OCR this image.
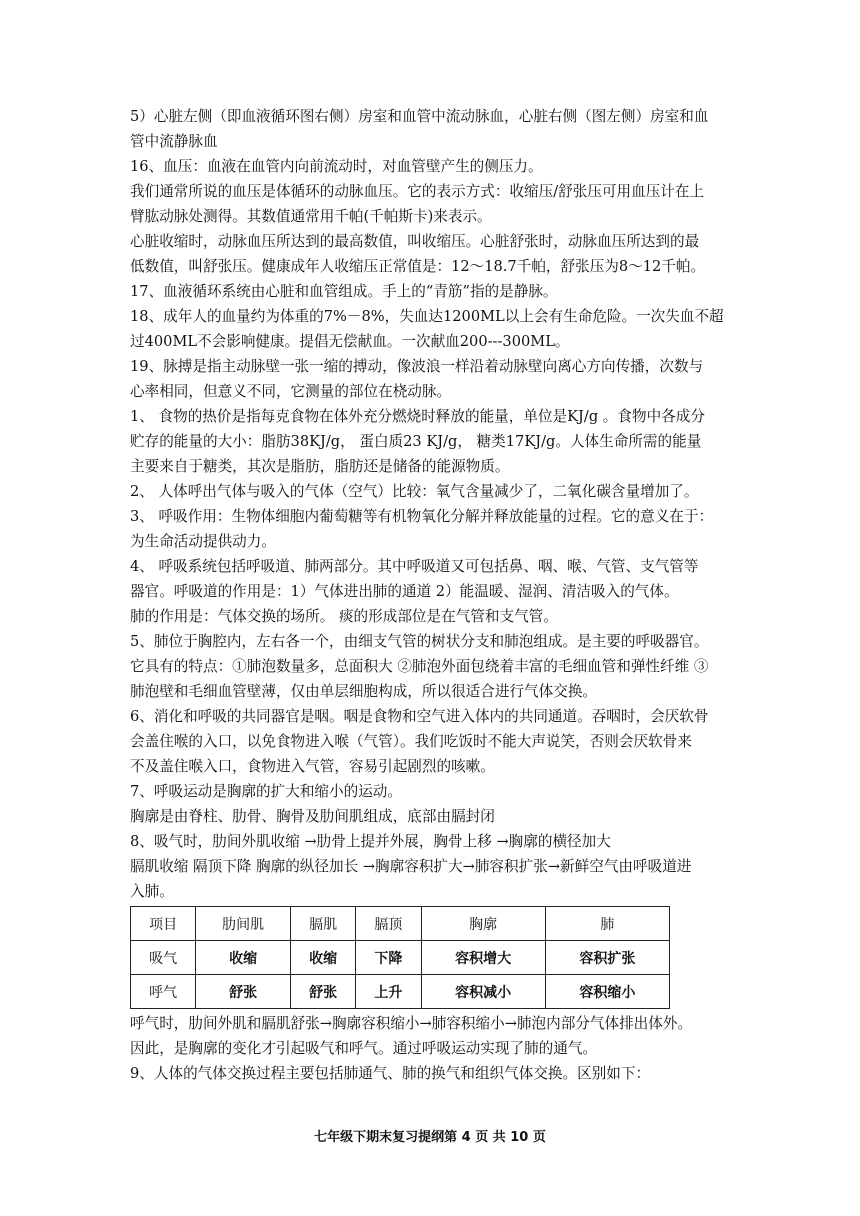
5）心脏左侧（即血液循环图右侧）房室和血管中流动脉血，心脏右侧（图左侧）房室和血

管中流静脉血

16、血压：血液在血管内向前流动时，对血管壁产生的侧压力。

我们通常所说的血压是体循环的动脉血压。它的表示方式：收缩压/舒张压可用血压计在上

臂肱动脉处测得。其数值通常用千帕(千帕斯卡)来表示。

心脏收缩时，动脉血压所达到的最高数值，叫收缩压。心脏舒张时，动脉血压所达到的最

低数值，叫舒张压。健康成年人收缩压正常值是：12～18.7千帕，舒张压为8～12千帕。

17、血液循环系统由心脏和血管组成。手上的“青筋”指的是静脉。

18、成年人的血量约为体重的7%－8%，失血达1200ML以上会有生命危险。一次失血不超

过400ML不会影响健康。提倡无偿献血。一次献血200---300ML。

19、脉搏是指主动脉壁一张一缩的搏动，像波浪一样沿着动脉壁向离心方向传播，次数与

心率相同，但意义不同，它测量的部位在桡动脉。

1、 食物的热价是指每克食物在体外充分燃烧时释放的能量，单位是KJ/g 。食物中各成分

贮存的能量的大小：脂肪38KJ/g， 蛋白质23 KJ/g， 糖类17KJ/g。人体生命所需的能量

主要来自于糖类，其次是脂肪，脂肪还是储备的能源物质。

2、 人体呼出气体与吸入的气体（空气）比较：氧气含量减少了，二氧化碳含量增加了。

3、 呼吸作用：生物体细胞内葡萄糖等有机物氧化分解并释放能量的过程。它的意义在于：

为生命活动提供动力。

4、 呼吸系统包括呼吸道、肺两部分。其中呼吸道又可包括鼻、咽、喉、气管、支气管等

器官。呼吸道的作用是：1）气体进出肺的通道 2）能温暖、湿润、清洁吸入的气体。

肺的作用是：气体交换的场所。 痰的形成部位是在气管和支气管。

5、肺位于胸腔内，左右各一个，由细支气管的树状分支和肺泡组成。是主要的呼吸器官。

它具有的特点：①肺泡数量多，总面积大 ②肺泡外面包绕着丰富的毛细血管和弹性纤维 ③

肺泡壁和毛细血管壁薄，仅由单层细胞构成，所以很适合进行气体交换。

6、消化和呼吸的共同器官是咽。咽是食物和空气进入体内的共同通道。吞咽时，会厌软骨

会盖住喉的入口，以免食物进入喉（气管）。我们吃饭时不能大声说笑，否则会厌软骨来

不及盖住喉入口，食物进入气管，容易引起剧烈的咳嗽。

7、呼吸运动是胸廓的扩大和缩小的运动。

胸廓是由脊柱、肋骨、胸骨及肋间肌组成，底部由膈封闭

8、吸气时，肋间外肌收缩 →肋骨上提并外展，胸骨上移 →胸廓的横径加大

膈肌收缩 隔顶下降 胸廓的纵径加长 →胸廓容积扩大→肺容积扩张→新鲜空气由呼吸道进

入肺。

项目	肋间肌	膈肌	膈顶	胸廓	肺
吸气	收缩	收缩	下降	容积增大	容积扩张
呼气	舒张	舒张	上升	容积减小	容积缩小

呼气时，肋间外肌和膈肌舒张→胸廓容积缩小→肺容积缩小→肺泡内部分气体排出体外。

因此，是胸廓的变化才引起吸气和呼气。通过呼吸运动实现了肺的通气。

9、人体的气体交换过程主要包括肺通气、肺的换气和组织气体交换。区别如下：

七年级下期末复习提纲第 4 页 共 10 页
